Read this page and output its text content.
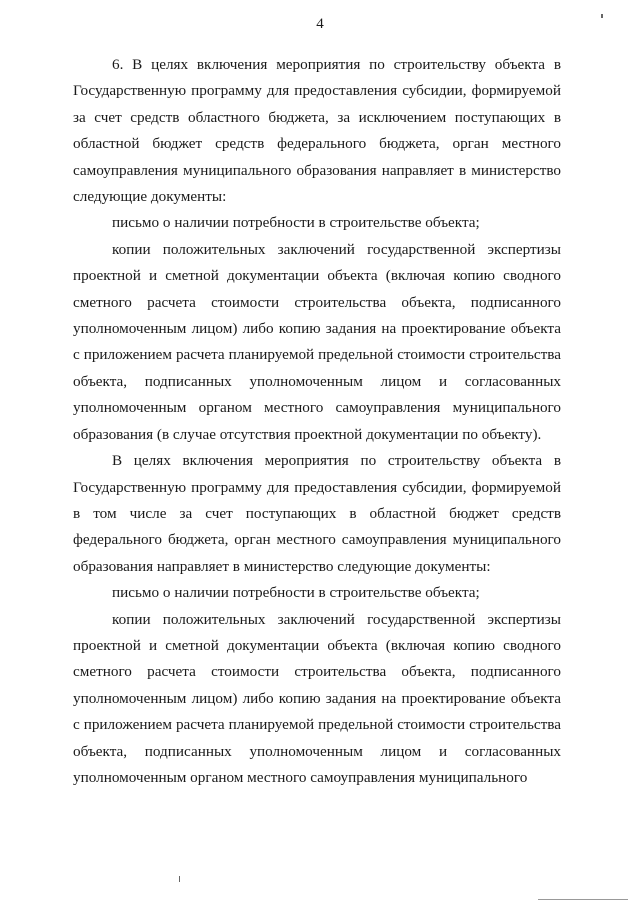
4

6. В целях включения мероприятия по строительству объекта в Государственную программу для предоставления субсидии, формируемой за счет средств областного бюджета, за исключением поступающих в областной бюджет средств федерального бюджета, орган местного самоуправления муниципального образования направляет в министерство следующие документы:

письмо о наличии потребности в строительстве объекта;

копии положительных заключений государственной экспертизы проектной и сметной документации объекта (включая копию сводного сметного расчета стоимости строительства объекта, подписанного уполномоченным лицом) либо копию задания на проектирование объекта с приложением расчета планируемой предельной стоимости строительства объекта, подписанных уполномоченным лицом и согласованных уполномоченным органом местного самоуправления муниципального образования (в случае отсутствия проектной документации по объекту).

В целях включения мероприятия по строительству объекта в Государственную программу для предоставления субсидии, формируемой в том числе за счет поступающих в областной бюджет средств федерального бюджета, орган местного самоуправления муниципального образования направляет в министерство следующие документы:

письмо о наличии потребности в строительстве объекта;

копии положительных заключений государственной экспертизы проектной и сметной документации объекта (включая копию сводного сметного расчета стоимости строительства объекта, подписанного уполномоченным лицом) либо копию задания на проектирование объекта с приложением расчета планируемой предельной стоимости строительства объекта, подписанных уполномоченным лицом и согласованных уполномоченным органом местного самоуправления муниципального
